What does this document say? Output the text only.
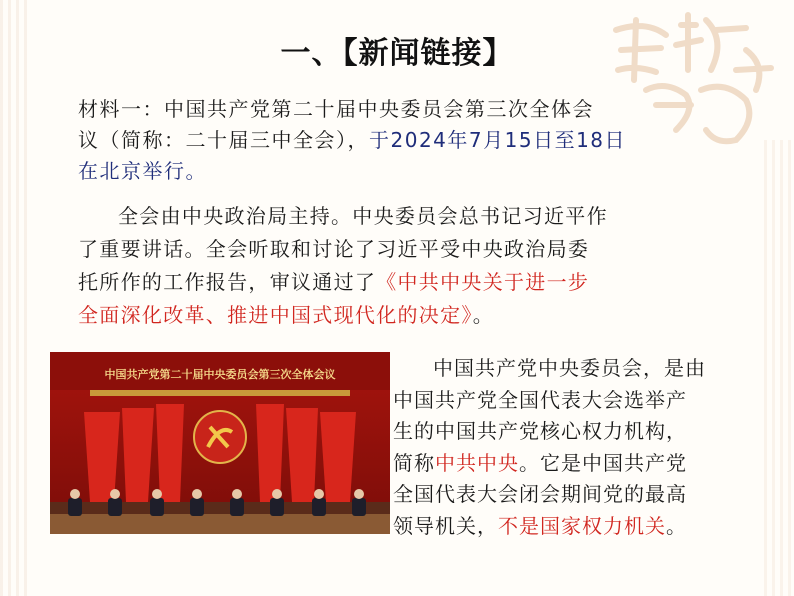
一、【新闻链接】
材料一：中国共产党第二十届中央委员会第三次全体会
议（简称：二十届三中全会），于2024年7月15日至18日
在北京举行。
全会由中央政治局主持。中央委员会总书记习近平作
了重要讲话。全会听取和讨论了习近平受中央政治局委
托所作的工作报告，审议通过了《中共中央关于进一步
全面深化改革、推进中国式现代化的决定》。
中国共产党第二十届中央委员会第三次全体会议	中国共产党中央委员会，是由
中国共产党全国代表大会选举产
生的中国共产党核心权力机构，
简称中共中央。它是中国共产党
全国代表大会闭会期间党的最高
领导机关，不是国家权力机关。
